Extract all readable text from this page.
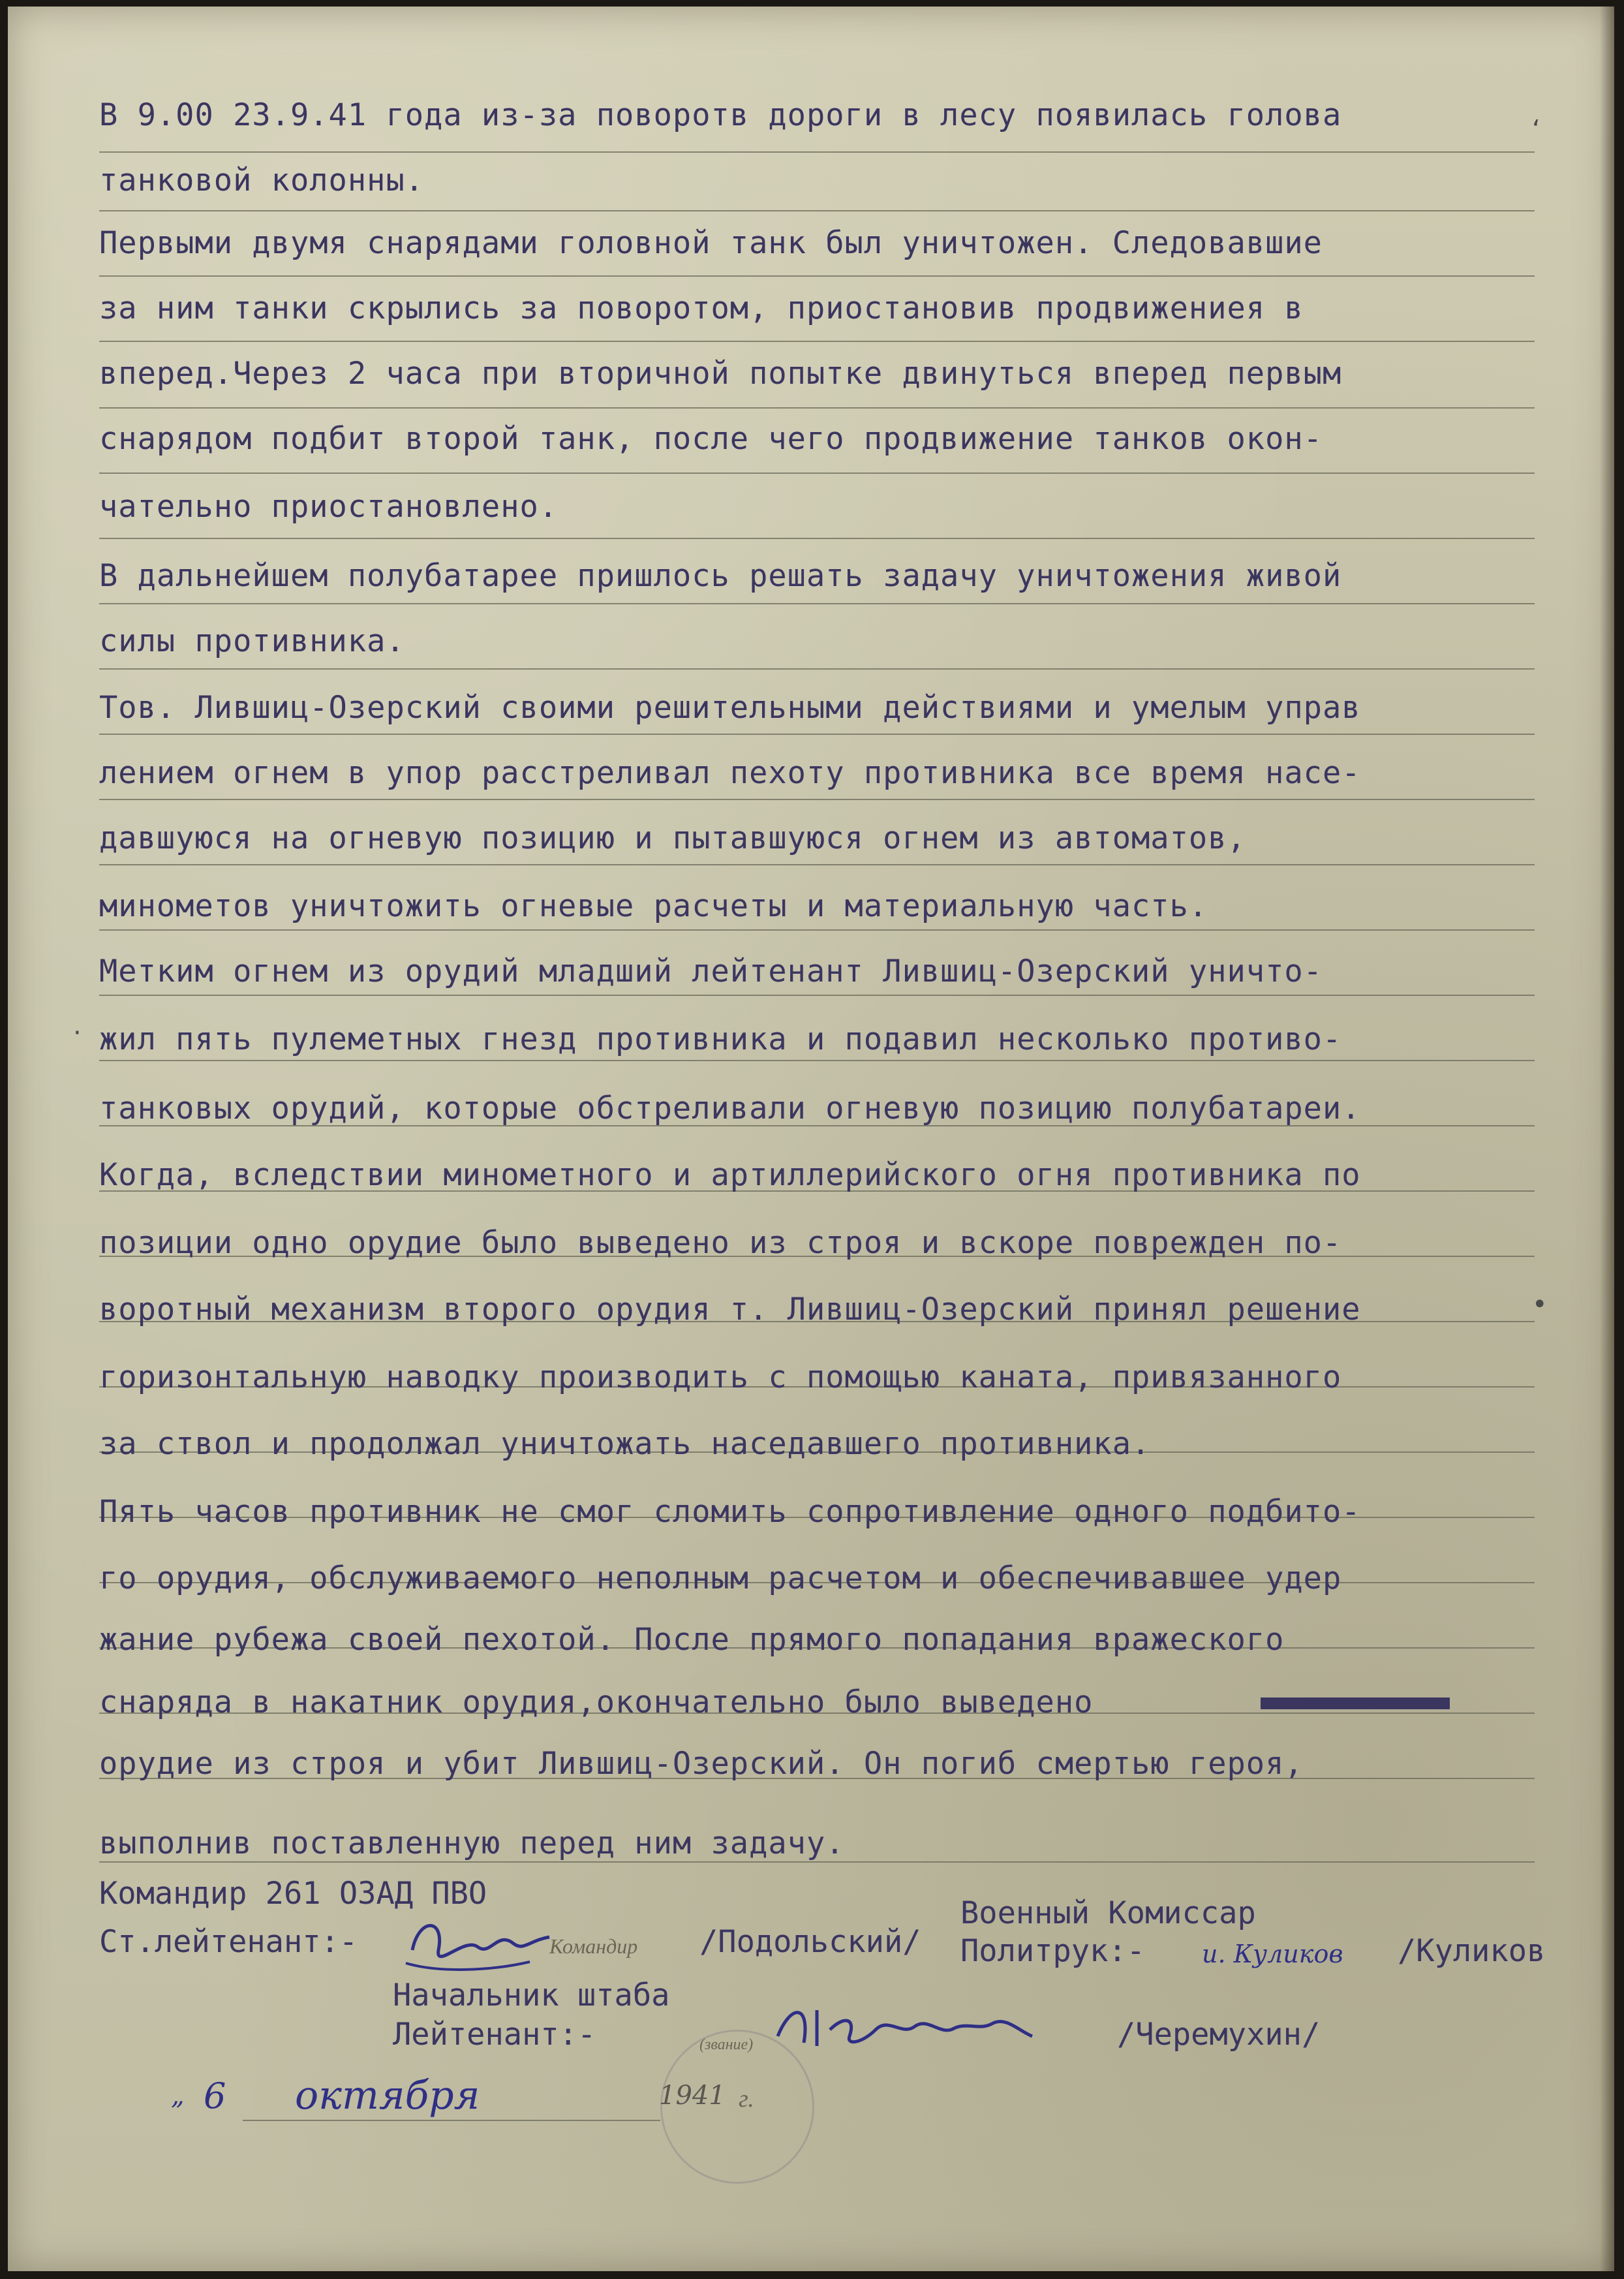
В 9.00 23.9.41 года из-за поворотв дороги в лесу появилась голова
танковой колонны.
Первыми двумя снарядами головной танк был уничтожен. Следовавшие
за ним танки скрылись за поворотом, приостановив продвижениея в
вперед.Через 2 часа при вторичной попытке двинуться вперед первым
снарядом подбит второй танк, после чего продвижение танков окон-
чательно приостановлено.
В дальнейшем полубатарее пришлось решать задачу уничтожения живой
силы противника.
Тов. Лившиц-Озерский своими решительными действиями и умелым управ
лением огнем в упор расстреливал пехоту противника все время насе-
давшуюся на огневую позицию и пытавшуюся огнем из автоматов,
минометов уничтожить огневые расчеты и материальную часть.
Метким огнем из орудий младший лейтенант Лившиц-Озерский уничто-
жил пять пулеметных гнезд противника и подавил несколько противо-
танковых орудий, которые обстреливали огневую позицию полубатареи.
Когда, вследствии минометного и артиллерийского огня противника по
позиции одно орудие было выведено из строя и вскоре поврежден по-
воротный механизм второго орудия т. Лившиц-Озерский принял решение
горизонтальную наводку производить с помощью каната, привязанного
за ствол и продолжал уничтожать наседавшего противника.
Пять часов противник не смог сломить сопротивление одного подбито-
го орудия, обслуживаемого неполным расчетом и обеспечивавшее удер
жание рубежа своей пехотой. После прямого попадания вражеского
снаряда в накатник орудия,окончательно было выведено
орудие из строя и убит Лившиц-Озерский. Он погиб смертью героя,
выполнив поставленную перед ним задачу.
Командир 261 ОЗАД ПВО
Ст.лейтенант:-	Командир /Подольский/
Военный Комиссар
Политрук:- и. Куликов /Куликов
Начальник штаба
Лейтенант:-	(звание)	/Черемухин/
„ 6 октября	1941 г.
·
ʻ
•
